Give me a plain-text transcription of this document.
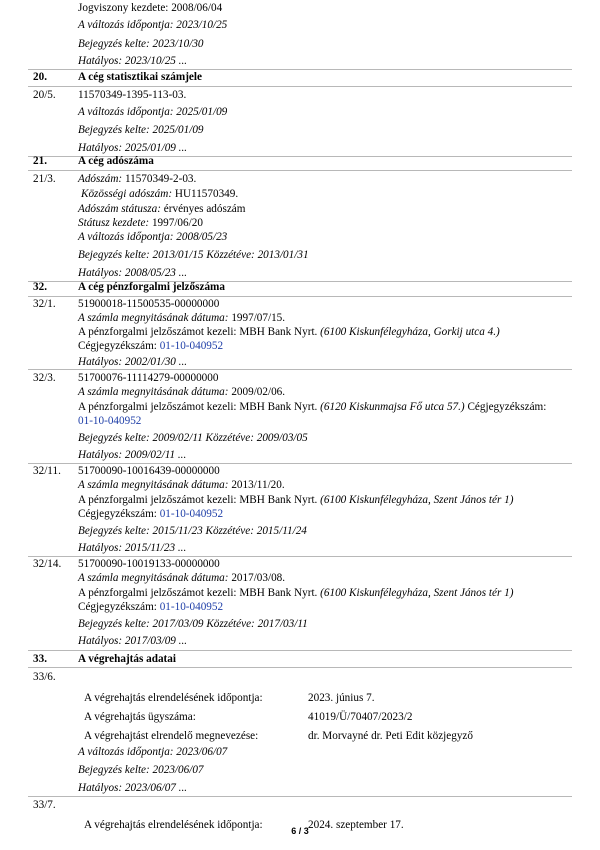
Jogviszony kezdete: 2008/06/04
A változás időpontja: 2023/10/25
Bejegyzés kelte: 2023/10/30
Hatályos: 2023/10/25 ...
20.	A cég statisztikai számjele
20/5. 11570349-1395-113-03.
A változás időpontja: 2025/01/09
Bejegyzés kelte: 2025/01/09
Hatályos: 2025/01/09 ...
21.	A cég adószáma
21/3. Adószám: 11570349-2-03.
Közösségi adószám: HU11570349.
Adószám státusza: érvényes adószám
Státusz kezdete: 1997/06/20
A változás időpontja: 2008/05/23
Bejegyzés kelte: 2013/01/15 Közzétéve: 2013/01/31
Hatályos: 2008/05/23 ...
32.	A cég pénzforgalmi jelzőszáma
32/1. 51900018-11500535-00000000
A számla megnyitásának dátuma: 1997/07/15.
A pénzforgalmi jelzőszámot kezeli: MBH Bank Nyrt. (6100 Kiskunfélegyháza, Gorkij utca 4.)
Cégjegyzékszám: 01-10-040952
Hatályos: 2002/01/30 ...
32/3. 51700076-11114279-00000000
A számla megnyitásának dátuma: 2009/02/06.
A pénzforgalmi jelzőszámot kezeli: MBH Bank Nyrt. (6120 Kiskunmajsa Fő utca 57.) Cégjegyzékszám:
01-10-040952
Bejegyzés kelte: 2009/02/11 Közzétéve: 2009/03/05
Hatályos: 2009/02/11 ...
32/11. 51700090-10016439-00000000
A számla megnyitásának dátuma: 2013/11/20.
A pénzforgalmi jelzőszámot kezeli: MBH Bank Nyrt. (6100 Kiskunfélegyháza, Szent János tér 1)
Cégjegyzékszám: 01-10-040952
Bejegyzés kelte: 2015/11/23 Közzétéve: 2015/11/24
Hatályos: 2015/11/23 ...
32/14. 51700090-10019133-00000000
A számla megnyitásának dátuma: 2017/03/08.
A pénzforgalmi jelzőszámot kezeli: MBH Bank Nyrt. (6100 Kiskunfélegyháza, Szent János tér 1)
Cégjegyzékszám: 01-10-040952
Bejegyzés kelte: 2017/03/09 Közzétéve: 2017/03/11
Hatályos: 2017/03/09 ...
33.	A végrehajtás adatai
33/6.
A végrehajtás elrendelésének időpontja:	2023. június 7.
A végrehajtás ügyszáma:	41019/Ü/70407/2023/2
A végrehajtást elrendelő megnevezése:	dr. Morvayné dr. Peti Edit közjegyző
A változás időpontja: 2023/06/07
Bejegyzés kelte: 2023/06/07
Hatályos: 2023/06/07 ...
33/7.
A végrehajtás elrendelésének időpontja:	2024. szeptember 17.
6 / 3
